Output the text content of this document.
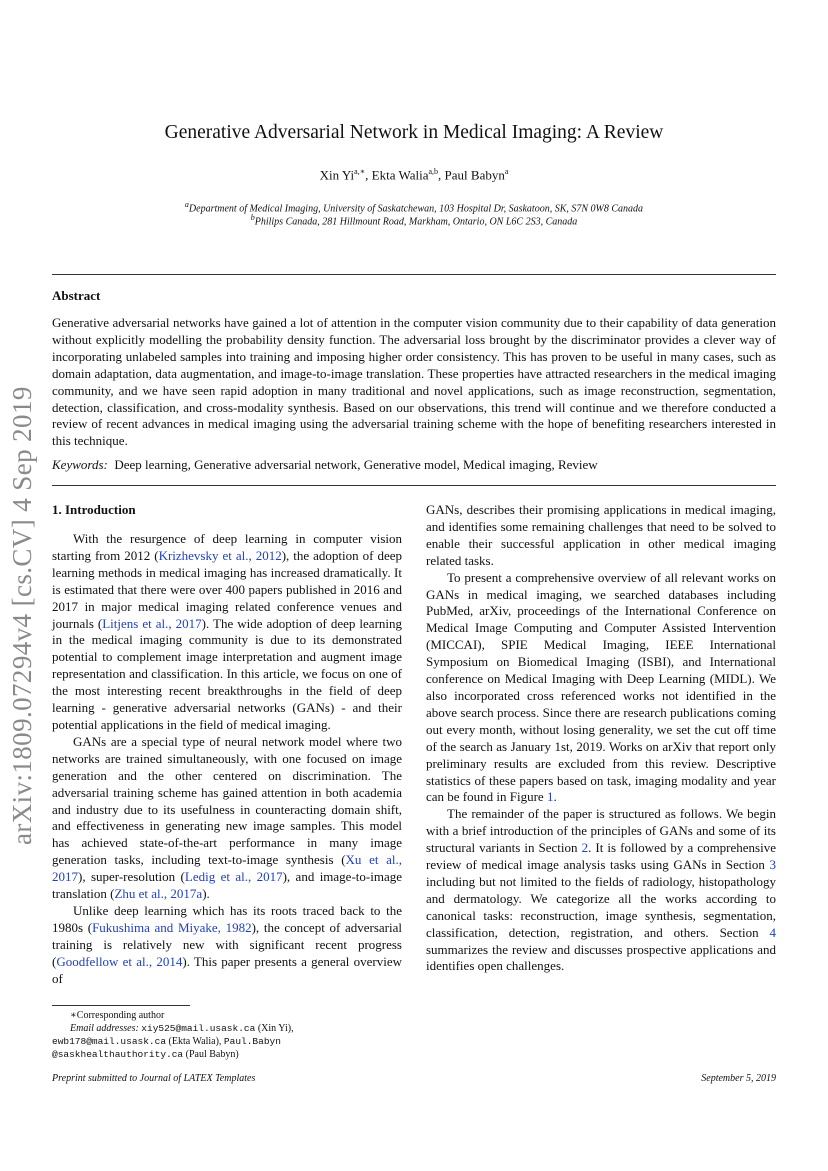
arXiv:1809.07294v4 [cs.CV] 4 Sep 2019
Generative Adversarial Network in Medical Imaging: A Review
Xin $Yi^{a,∗}$, Ekta Walia$^{a,b}$, Paul Babyn$^a$
$^a$Department of Medical Imaging, University of Saskatchewan, 103 Hospital Dr, Saskatoon, SK, S7N 0W8 Canada
$^b$Philips Canada, 281 Hillmount Road, Markham, Ontario, ON L6C 2S3, Canada
Abstract

Generative adversarial networks have gained a lot of attention in the computer vision community due to their capability of data generation without explicitly modelling the probability density function. The adversarial loss brought by the discriminator provides a clever way of incorporating unlabeled samples into training and imposing higher order consistency. This has proven to be useful in many cases, such as domain adaptation, data augmentation, and image-to-image translation. These properties have attracted researchers in the medical imaging community, and we have seen rapid adoption in many traditional and novel applications, such as image reconstruction, segmentation, detection, classification, and cross-modality synthesis. Based on our observations, this trend will continue and we therefore conducted a review of recent advances in medical imaging using the adversarial training scheme with the hope of benefiting researchers interested in this technique.

Keywords: Deep learning, Generative adversarial network, Generative model, Medical imaging, Review
1. Introduction

With the resurgence of deep learning in computer vision starting from 2012 (Krizhevsky et al., 2012), the adoption of deep learning methods in medical imaging has increased dramatically. It is estimated that there were over 400 papers published in 2016 and 2017 in major medical imaging related conference venues and journals (Litjens et al., 2017). The wide adoption of deep learning in the medical imaging community is due to its demonstrated potential to complement image interpretation and augment image representation and classification. In this article, we focus on one of the most interesting recent breakthroughs in the field of deep learning - generative adversarial networks (GANs) - and their potential applications in the field of medical imaging.

GANs are a special type of neural network model where two networks are trained simultaneously, with one focused on image generation and the other centered on discrimination. The adversarial training scheme has gained attention in both academia and industry due to its usefulness in counteracting domain shift, and effectiveness in generating new image samples. This model has achieved state-of-the-art performance in many image generation tasks, including text-to-image synthesis (Xu et al., 2017), super-resolution (Ledig et al., 2017), and image-to-image translation (Zhu et al., 2017a).

Unlike deep learning which has its roots traced back to the 1980s (Fukushima and Miyake, 1982), the concept of adversarial training is relatively new with significant recent progress (Goodfellow et al., 2014). This paper presents a general overview of

GANs, describes their promising applications in medical imaging, and identifies some remaining challenges that need to be solved to enable their successful application in other medical imaging related tasks.

To present a comprehensive overview of all relevant works on GANs in medical imaging, we searched databases including PubMed, arXiv, proceedings of the International Conference on Medical Image Computing and Computer Assisted Intervention (MICCAI), SPIE Medical Imaging, IEEE International Symposium on Biomedical Imaging (ISBI), and International conference on Medical Imaging with Deep Learning (MIDL). We also incorporated cross referenced works not identified in the above search process. Since there are research publications coming out every month, without losing generality, we set the cut off time of the search as January 1st, 2019. Works on arXiv that report only preliminary results are excluded from this review. Descriptive statistics of these papers based on task, imaging modality and year can be found in Figure 1.

The remainder of the paper is structured as follows. We begin with a brief introduction of the principles of GANs and some of its structural variants in Section 2. It is followed by a comprehensive review of medical image analysis tasks using GANs in Section 3 including but not limited to the fields of radiology, histopathology and dermatology. We categorize all the works according to canonical tasks: reconstruction, image synthesis, segmentation, classification, detection, registration, and others. Section 4 summarizes the review and discusses prospective applications and identifies open challenges.

∗Corresponding author
Email addresses: xiy525@mail.usask.ca (Xin Yi),
ewb178@mail.usask.ca (Ekta Walia), Paul.Babyn
@saskhealthauthority.ca (Paul Babyn)
Preprint submitted to Journal of LATEX Templates	September 5, 2019
